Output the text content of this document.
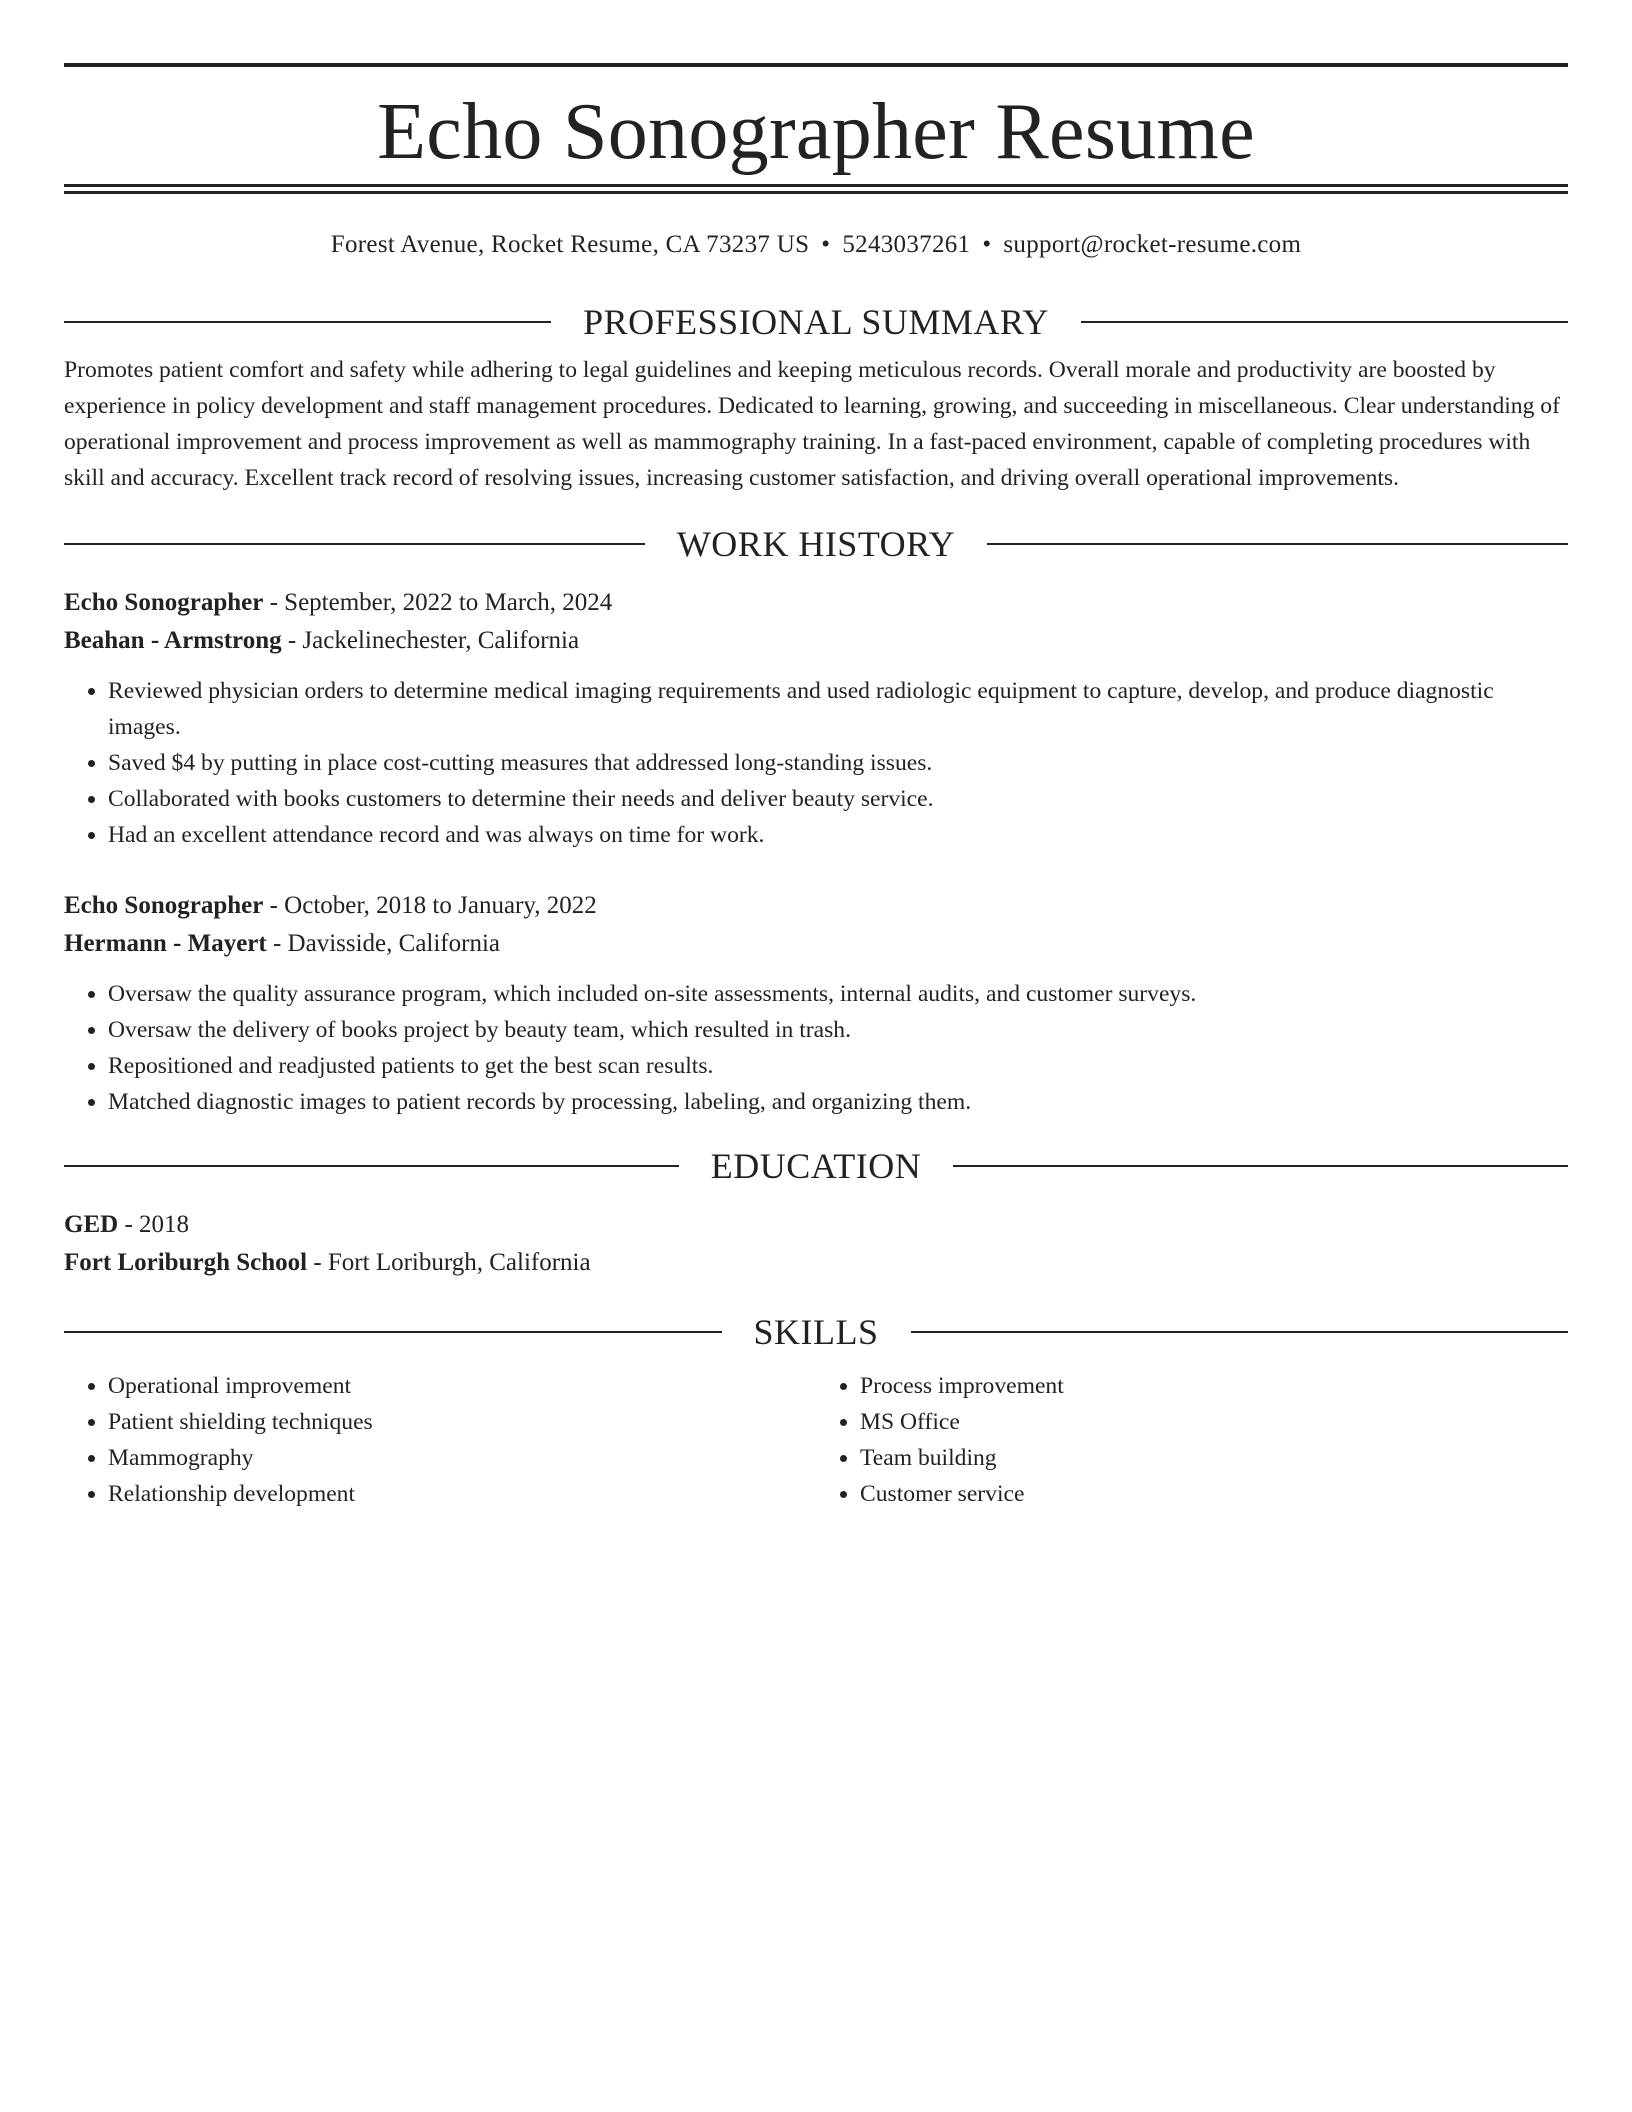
Echo Sonographer Resume
Forest Avenue, Rocket Resume, CA 73237 US • 5243037261 • support@rocket-resume.com
PROFESSIONAL SUMMARY

Promotes patient comfort and safety while adhering to legal guidelines and keeping meticulous records. Overall morale and productivity are boosted by experience in policy development and staff management procedures. Dedicated to learning, growing, and succeeding in miscellaneous. Clear understanding of operational improvement and process improvement as well as mammography training. In a fast-paced environment, capable of completing procedures with skill and accuracy. Excellent track record of resolving issues, increasing customer satisfaction, and driving overall operational improvements.

WORK HISTORY
Echo Sonographer - September, 2022 to March, 2024
Beahan - Armstrong - Jackelinechester, California
• Reviewed physician orders to determine medical imaging requirements and used radiologic equipment to capture, develop, and produce diagnostic images.
• Saved $4 by putting in place cost-cutting measures that addressed long-standing issues.
• Collaborated with books customers to determine their needs and deliver beauty service.
• Had an excellent attendance record and was always on time for work.
Echo Sonographer - October, 2018 to January, 2022
Hermann - Mayert - Davisside, California
• Oversaw the quality assurance program, which included on-site assessments, internal audits, and customer surveys.
• Oversaw the delivery of books project by beauty team, which resulted in trash.
• Repositioned and readjusted patients to get the best scan results.
• Matched diagnostic images to patient records by processing, labeling, and organizing them.
EDUCATION
GED - 2018
Fort Loriburgh School - Fort Loriburgh, California
SKILLS
• Operational improvement
• Patient shielding techniques
• Mammography
• Relationship development
• Process improvement
• MS Office
• Team building
• Customer service
